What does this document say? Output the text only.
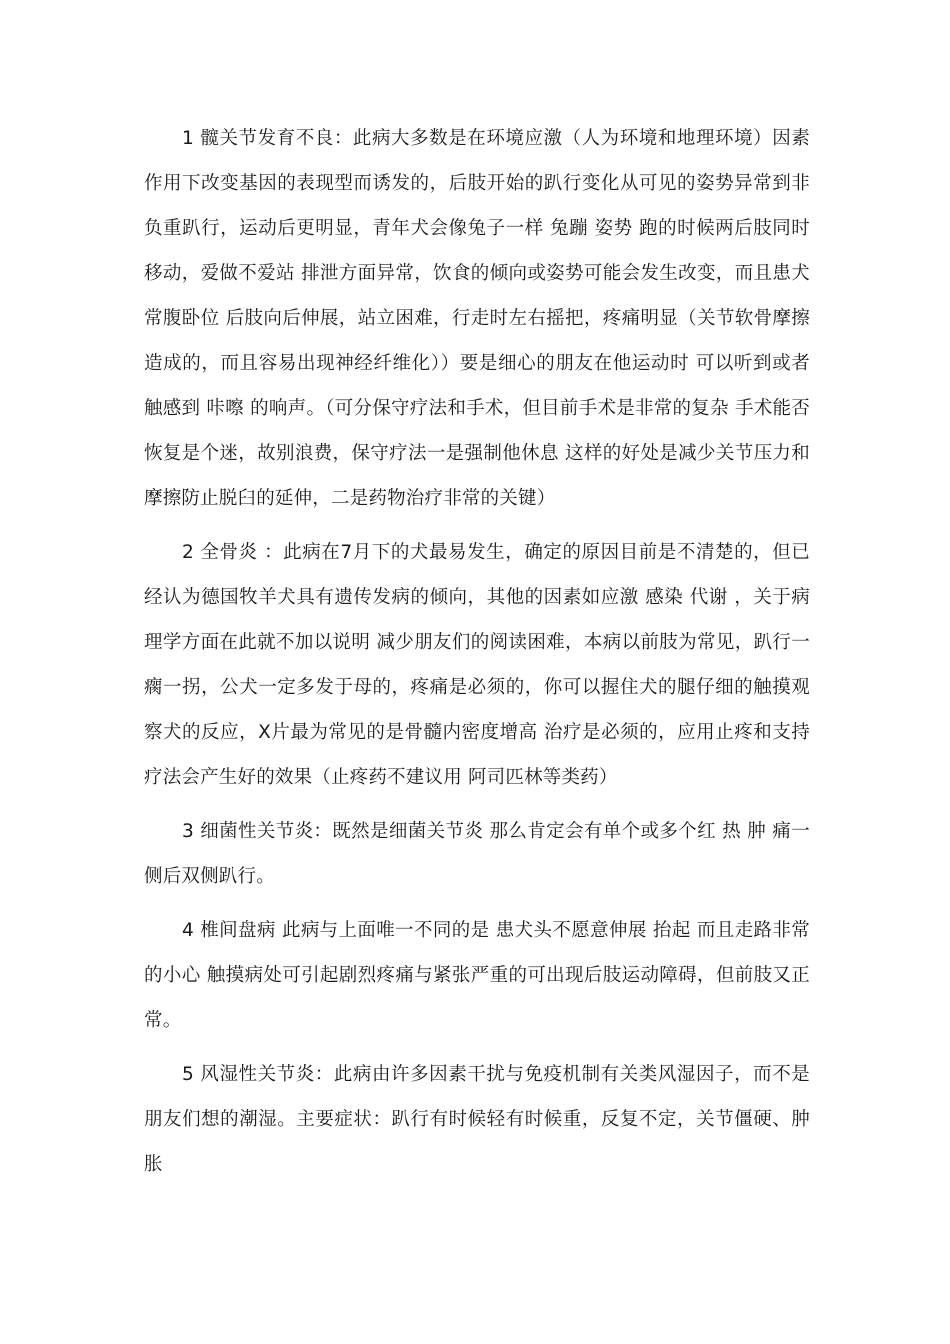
1 髋关节发育不良：此病大多数是在环境应激（人为环境和地理环境）因素作用下改变基因的表现型而诱发的，后肢开始的趴行变化从可见的姿势异常到非负重趴行，运动后更明显，青年犬会像兔子一样 兔蹦 姿势 跑的时候两后肢同时移动，爱做不爱站 排泄方面异常，饮食的倾向或姿势可能会发生改变，而且患犬常腹卧位 后肢向后伸展，站立困难，行走时左右摇把，疼痛明显（关节软骨摩擦造成的，而且容易出现神经纤维化））要是细心的朋友在他运动时 可以听到或者触感到 咔嚓 的响声。（可分保守疗法和手术，但目前手术是非常的复杂 手术能否恢复是个迷，故别浪费，保守疗法一是强制他休息 这样的好处是减少关节压力和摩擦防止脱臼的延伸，二是药物治疗非常的关键）

2 全骨炎 ：此病在7月下的犬最易发生，确定的原因目前是不清楚的，但已经认为德国牧羊犬具有遗传发病的倾向，其他的因素如应激 感染 代谢 ，关于病理学方面在此就不加以说明 减少朋友们的阅读困难，本病以前肢为常见，趴行一瘸一拐，公犬一定多发于母的，疼痛是必须的，你可以握住犬的腿仔细的触摸观察犬的反应，X片最为常见的是骨髓内密度增高 治疗是必须的，应用止疼和支持疗法会产生好的效果（止疼药不建议用 阿司匹林等类药）

3 细菌性关节炎：既然是细菌关节炎 那么肯定会有单个或多个红 热 肿 痛一侧后双侧趴行。

4 椎间盘病 此病与上面唯一不同的是 患犬头不愿意伸展 抬起 而且走路非常的小心 触摸病处可引起剧烈疼痛与紧张严重的可出现后肢运动障碍，但前肢又正常。

5 风湿性关节炎：此病由许多因素干扰与免疫机制有关类风湿因子，而不是朋友们想的潮湿。主要症状：趴行有时候轻有时候重，反复不定，关节僵硬、肿胀
